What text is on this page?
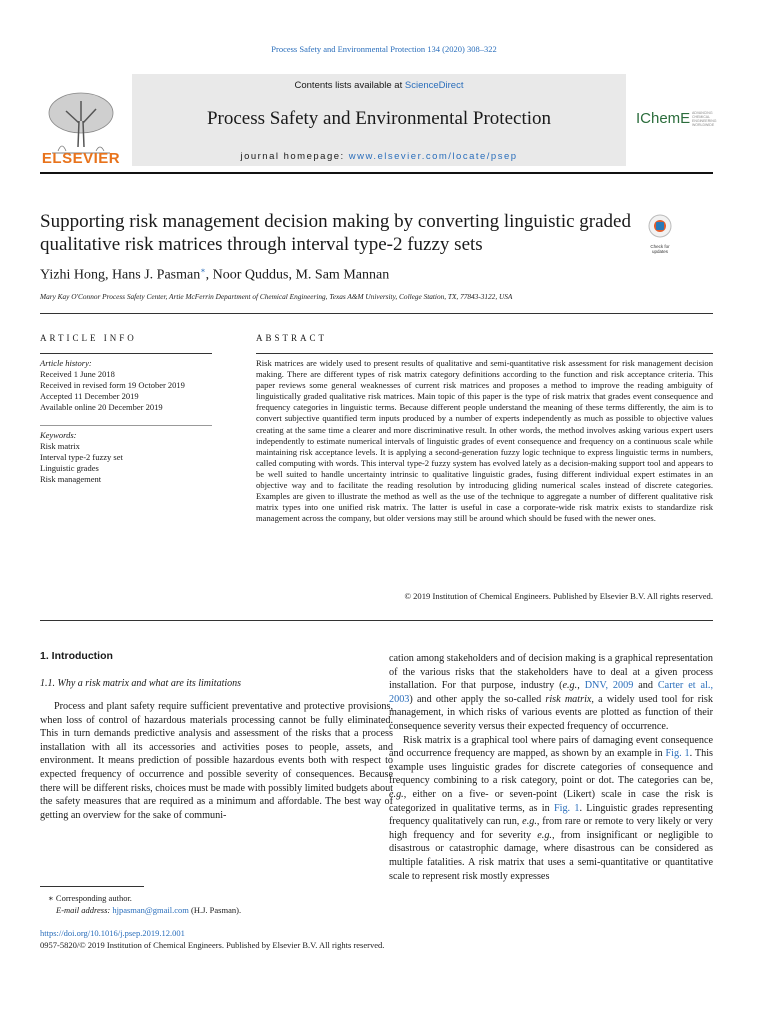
Process Safety and Environmental Protection 134 (2020) 308–322
Contents lists available at ScienceDirect
Process Safety and Environmental Protection
journal homepage: www.elsevier.com/locate/psep
ELSEVIER
IChemE ADVANCING CHEMICAL ENGINEERING WORLDWIDE
Supporting risk management decision making by converting linguistic graded qualitative risk matrices through interval type-2 fuzzy sets	Check for updates
Yizhi Hong, Hans J. Pasman∗, Noor Quddus, M. Sam Mannan
Mary Kay O'Connor Process Safety Center, Artie McFerrin Department of Chemical Engineering, Texas A&M University, College Station, TX, 77843-3122, USA
ARTICLE INFO	ABSTRACT
Article history:
Received 1 June 2018
Received in revised form 19 October 2019
Accepted 11 December 2019
Available online 20 December 2019
Keywords:
Risk matrix
Interval type-2 fuzzy set
Linguistic grades
Risk management
Risk matrices are widely used to present results of qualitative and semi-quantitative risk assessment for risk management decision making. There are different types of risk matrix category definitions according to the function and risk acceptance criteria. This paper reviews some general weaknesses of current risk matrices and proposes a method to improve the reading ambiguity of linguistically graded qualitative risk matrices. Main topic of this paper is the type of risk matrix that grades event consequence and frequency categories in linguistic terms. Because different people understand the meaning of these terms differently, the aim is to convert subjective quantified term inputs produced by a number of experts independently as much as possible to objective values creating at the same time a clearer and more discriminative result. In other words, the method involves asking various expert users independently to estimate numerical intervals of linguistic grades of event consequence and frequency on a continuous scale while maintaining risk acceptance levels. It is applying a second-generation fuzzy logic technique to express linguistic terms in numbers, called computing with words. This interval type-2 fuzzy system has evolved lately as a decision-making support tool and appears to be well suited to handle uncertainty intrinsic to qualitative linguistic grades, fusing different individual expert estimates in an objective way and to facilitate the reading resolution by introducing gliding numerical scales instead of discrete categories. Examples are given to illustrate the method as well as the use of the technique to aggregate a number of different qualitative risk matrix types into one unified risk matrix. The latter is useful in case a corporate-wide risk matrix exists to standardize risk management across the company, but older versions may still be around which should be fused with the newer ones.
© 2019 Institution of Chemical Engineers. Published by Elsevier B.V. All rights reserved.
1. Introduction
1.1. Why a risk matrix and what are its limitations

Process and plant safety require sufficient preventative and protective provisions, when loss of control of hazardous materials processing cannot be fully eliminated. This in turn demands predictive analysis and assessment of the risks that a process installation with all its accessories and activities poses to people, assets, and environment. It means prediction of possible hazardous events both with respect to expected frequency of occurrence and possible severity of consequences. Because there will be different risks, choices must be made with possibly limited budgets about the safety measures that are required as a minimum and affordable. The best way of getting an overview for the sake of communi-

cation among stakeholders and of decision making is a graphical representation of the various risks that the stakeholders have to deal at a given process installation. For that purpose, industry (e.g., DNV, 2009 and Carter et al., 2003) and other apply the so-called risk matrix, a widely used tool for risk management, in which risks of various events are plotted as function of their consequence severity versus their expected frequency of occurrence.

Risk matrix is a graphical tool where pairs of damaging event consequence and occurrence frequency are mapped, as shown by an example in Fig. 1. This example uses linguistic grades for discrete categories of consequence and frequency combining to a risk category, point or dot. The categories can be, e.g., either on a five- or seven-point (Likert) scale in case the risk is categorized in qualitative terms, as in Fig. 1. Linguistic grades representing frequency qualitatively can run, e.g., from rare or remote to very likely or very high frequency and for severity e.g., from insignificant or negligible to disastrous or catastrophic damage, where disastrous can be considered as multiple fatalities. A risk matrix that uses a semi-quantitative or quantitative scale to represent risk mostly expresses

∗ Corresponding author.
E-mail address: hjpasman@gmail.com (H.J. Pasman).
https://doi.org/10.1016/j.psep.2019.12.001
0957-5820/© 2019 Institution of Chemical Engineers. Published by Elsevier B.V. All rights reserved.
